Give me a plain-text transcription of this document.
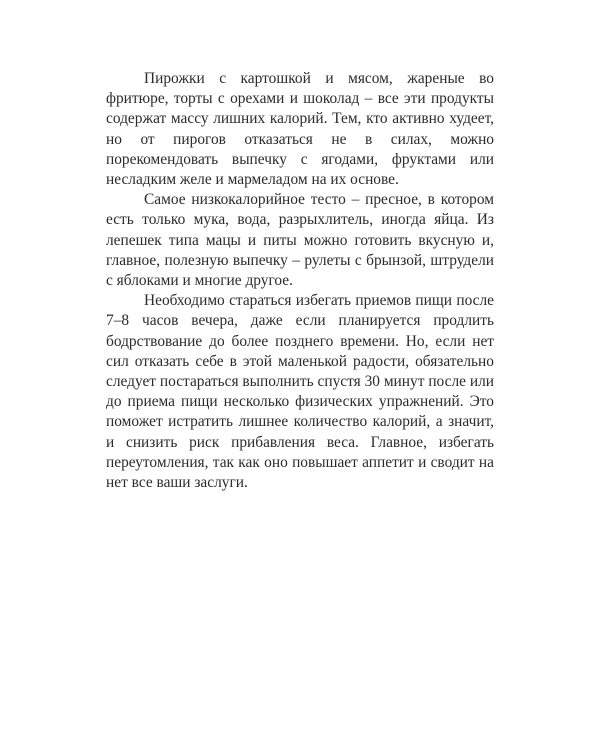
Пирожки с картошкой и мясом, жареные во фритюре, торты с орехами и шоколад – все эти продукты содержат массу лишних калорий. Тем, кто активно худеет, но от пирогов отказаться не в силах, можно порекомендовать выпечку с ягодами, фруктами или несладким желе и мармеладом на их основе.

Самое низкокалорийное тесто – пресное, в котором есть только мука, вода, разрыхлитель, иногда яйца. Из лепешек типа мацы и питы можно готовить вкусную и, главное, полезную выпечку – рулеты с брынзой, штрудели с яблоками и многие другое.

Необходимо стараться избегать приемов пищи после 7–8 часов вечера, даже если планируется продлить бодрствование до более позднего времени. Но, если нет сил отказать себе в этой маленькой радости, обязательно следует постараться выполнить спустя 30 минут после или до приема пищи несколько физических упражнений. Это поможет истратить лишнее количество калорий, а значит, и снизить риск прибавления веса. Главное, избегать переутомления, так как оно повышает аппетит и сводит на нет все ваши заслуги.
